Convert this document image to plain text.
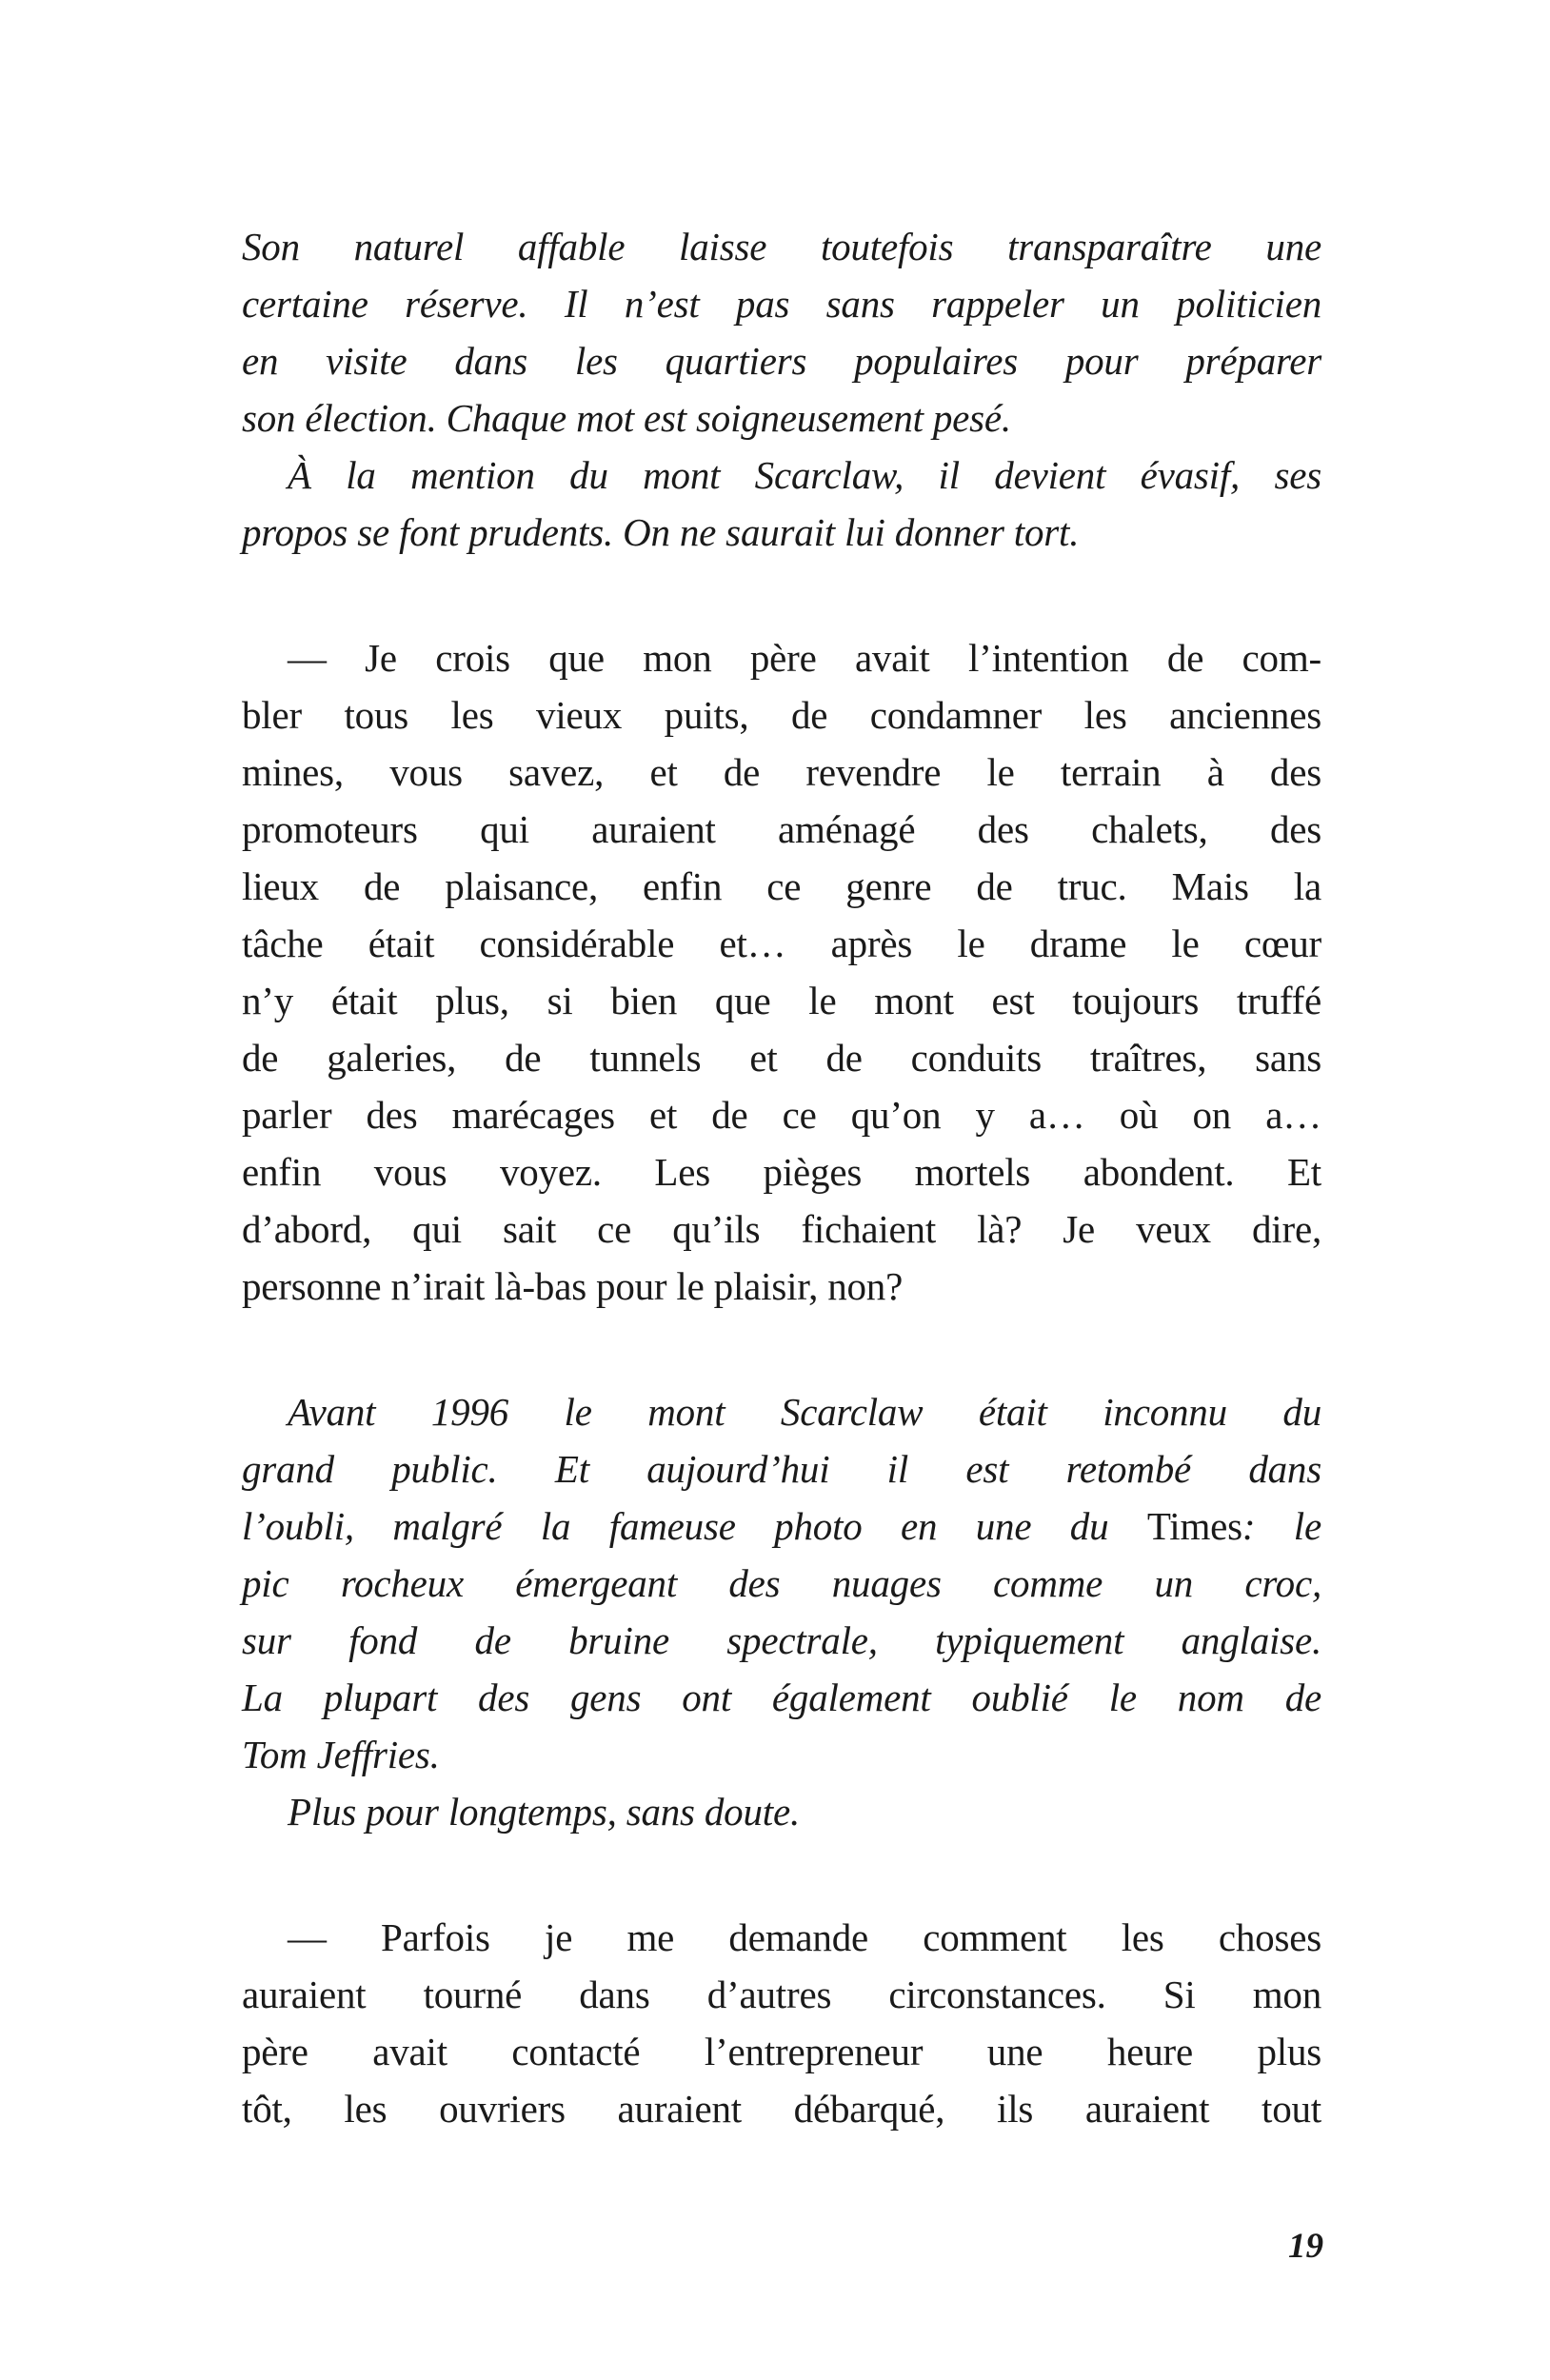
Son naturel affable laisse toutefois transparaître une
certaine réserve. Il n’est pas sans rappeler un politicien
en visite dans les quartiers populaires pour préparer
son élection. Chaque mot est soigneusement pesé.
À la mention du mont Scarclaw, il devient évasif, ses
propos se font prudents. On ne saurait lui donner tort.
— Je crois que mon père avait l’intention de com-
bler tous les vieux puits, de condamner les anciennes
mines, vous savez, et de revendre le terrain à des
promoteurs qui auraient aménagé des chalets, des
lieux de plaisance, enfin ce genre de truc. Mais la
tâche était considérable et… après le drame le cœur
n’y était plus, si bien que le mont est toujours truffé
de galeries, de tunnels et de conduits traîtres, sans
parler des marécages et de ce qu’on y a… où on a…
enfin vous voyez. Les pièges mortels abondent. Et
d’abord, qui sait ce qu’ils fichaient là? Je veux dire,
personne n’irait là-bas pour le plaisir, non?
Avant 1996 le mont Scarclaw était inconnu du
grand public. Et aujourd’hui il est retombé dans
l’oubli, malgré la fameuse photo en une du Times: le
pic rocheux émergeant des nuages comme un croc,
sur fond de bruine spectrale, typiquement anglaise.
La plupart des gens ont également oublié le nom de
Tom Jeffries.
Plus pour longtemps, sans doute.
— Parfois je me demande comment les choses
auraient tourné dans d’autres circonstances. Si mon
père avait contacté l’entrepreneur une heure plus
tôt, les ouvriers auraient débarqué, ils auraient tout
19
